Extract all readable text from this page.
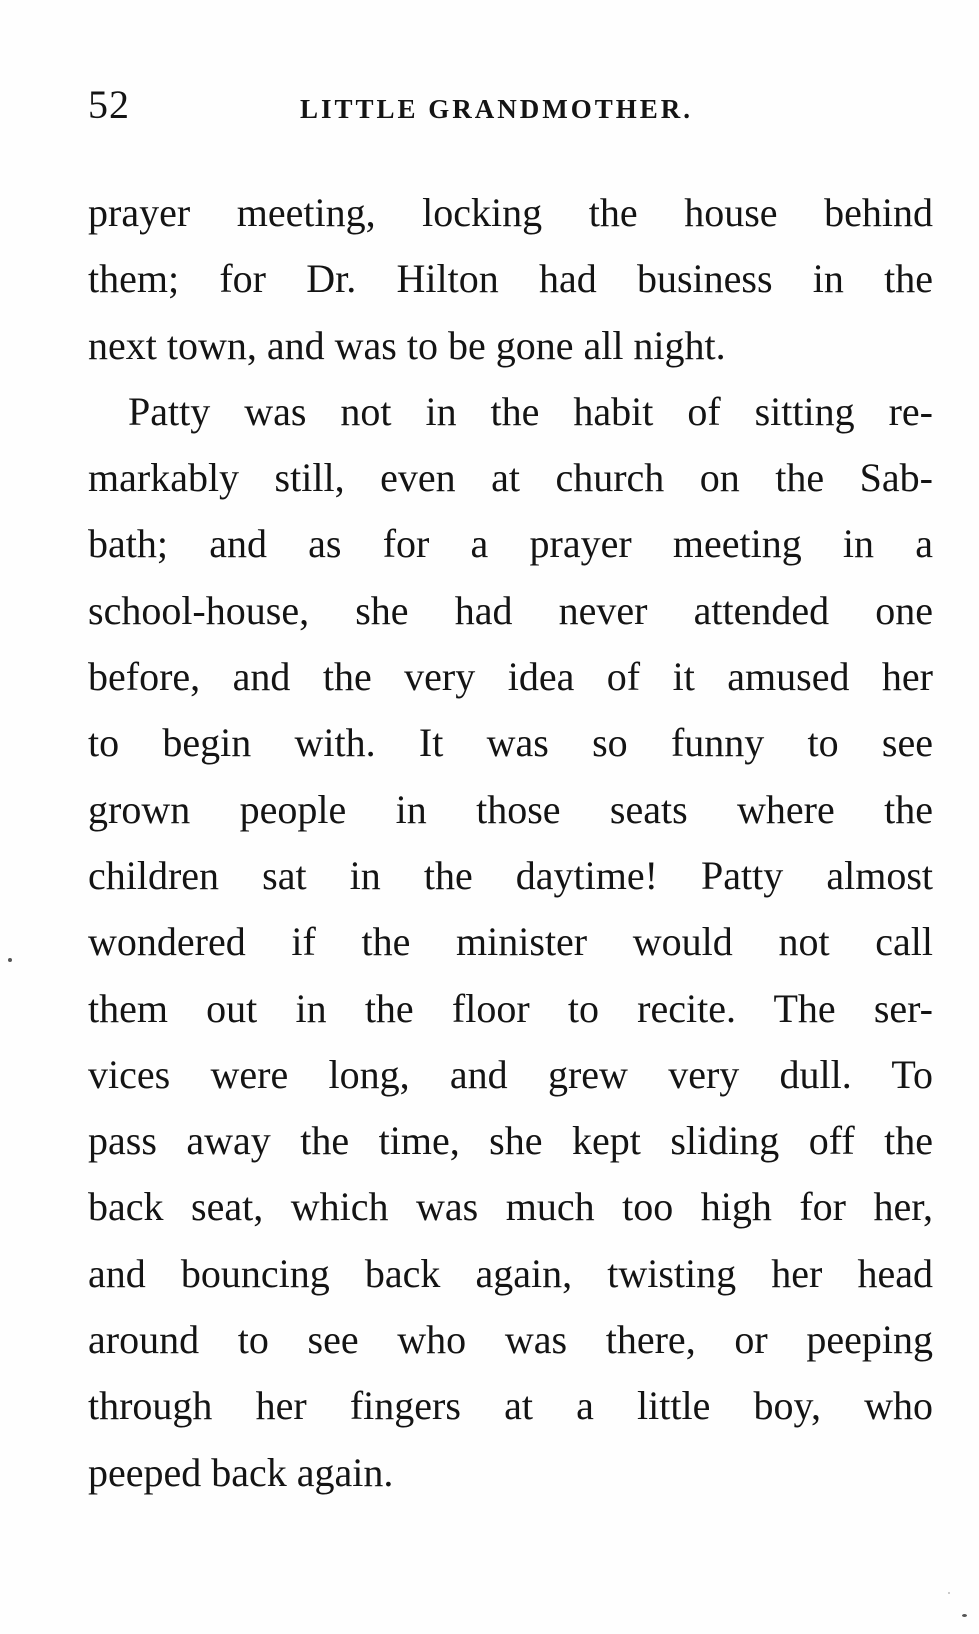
52	LITTLE GRANDMOTHER.
prayer meeting, locking the house behind
them; for Dr. Hilton had business in the
next town, and was to be gone all night.
Patty was not in the habit of sitting re-
markably still, even at church on the Sab-
bath; and as for a prayer meeting in a
school-house, she had never attended one
before, and the very idea of it amused her
to begin with. It was so funny to see
grown people in those seats where the
children sat in the daytime! Patty almost
wondered if the minister would not call
them out in the floor to recite. The ser-
vices were long, and grew very dull. To
pass away the time, she kept sliding off the
back seat, which was much too high for her,
and bouncing back again, twisting her head
around to see who was there, or peeping
through her fingers at a little boy, who
peeped back again.
